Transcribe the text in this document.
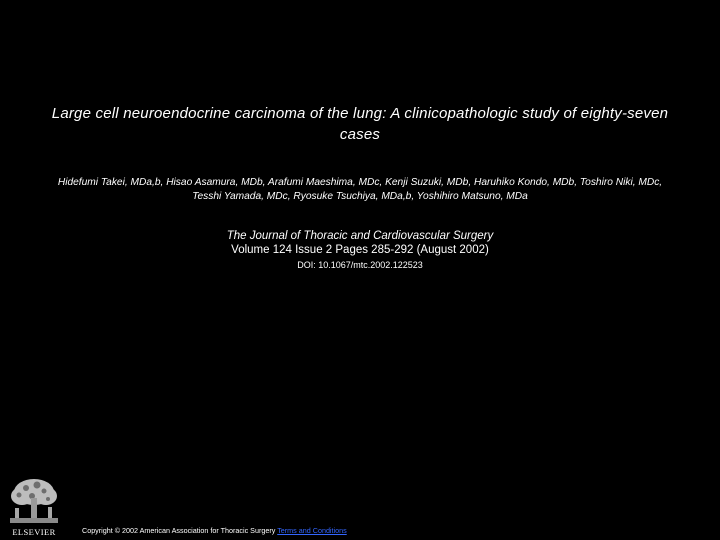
Large cell neuroendocrine carcinoma of the lung: A clinicopathologic study of eighty-seven cases
Hidefumi Takei, MDa,b, Hisao Asamura, MDb, Arafumi Maeshima, MDc, Kenji Suzuki, MDb, Haruhiko Kondo, MDb, Toshiro Niki, MDc,
Tesshi Yamada, MDc, Ryosuke Tsuchiya, MDa,b, Yoshihiro Matsuno, MDa
The Journal of Thoracic and Cardiovascular Surgery
Volume 124 Issue 2 Pages 285-292 (August 2002)
DOI: 10.1067/mtc.2002.122523
ELSEVIER	Copyright © 2002 American Association for Thoracic Surgery Terms and Conditions
